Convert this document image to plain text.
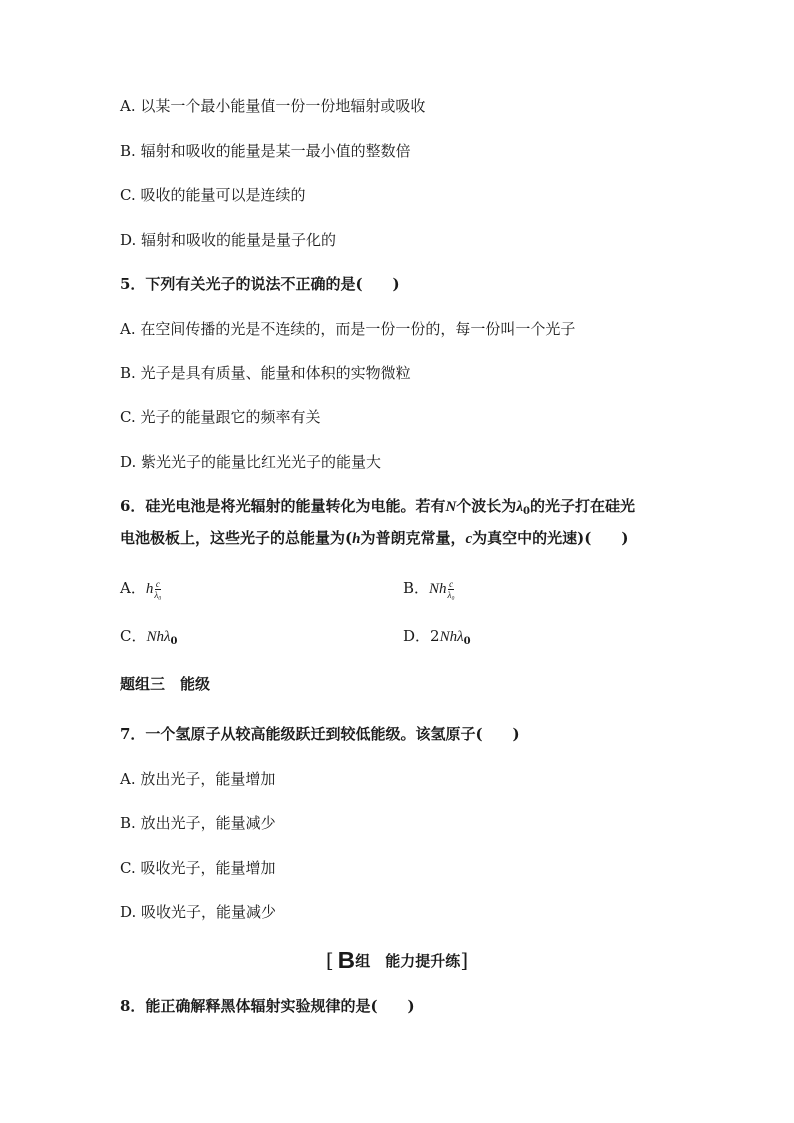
A. 以某一个最小能量值一份一份地辐射或吸收
B. 辐射和吸收的能量是某一最小值的整数倍
C. 吸收的能量可以是连续的
D. 辐射和吸收的能量是量子化的
5．下列有关光子的说法不正确的是(　　)
A. 在空间传播的光是不连续的，而是一份一份的，每一份叫一个光子
B. 光子是具有质量、能量和体积的实物微粒
C. 光子的能量跟它的频率有关
D. 紫光光子的能量比红光光子的能量大
6．硅光电池是将光辐射的能量转化为电能。若有N个波长为$\lambda_0$的光子打在硅光
电池极板上，这些光子的总能量为(h为普朗克常量，c为真空中的光速)(　　)
A．h $\frac{c}{\text{λ₀}}$	B．Nh $\frac{c}{\text{λ₀}}$
C．Nhλ$_0$	D．2Nhλ$_0$
题组三　能级
7．一个氢原子从较高能级跃迁到较低能级。该氢原子(　　)
A. 放出光子，能量增加
B. 放出光子，能量减少
C. 吸收光子，能量增加
D. 吸收光子，能量减少
[ B组　能力提升练]
8．能正确解释黑体辐射实验规律的是(　　)
